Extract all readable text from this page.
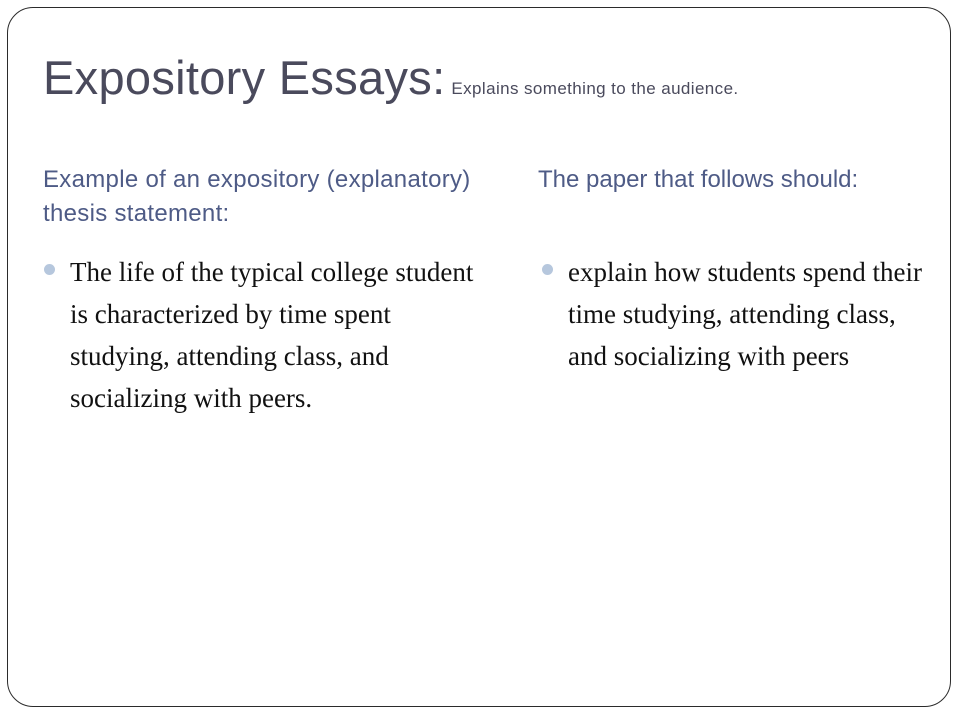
Expository Essays: Explains something to the audience.
Example of an expository (explanatory) thesis statement:
The paper that follows should:
The life of the typical college student is characterized by time spent studying, attending class, and socializing with peers.
explain how students spend their time studying, attending class, and socializing with peers
